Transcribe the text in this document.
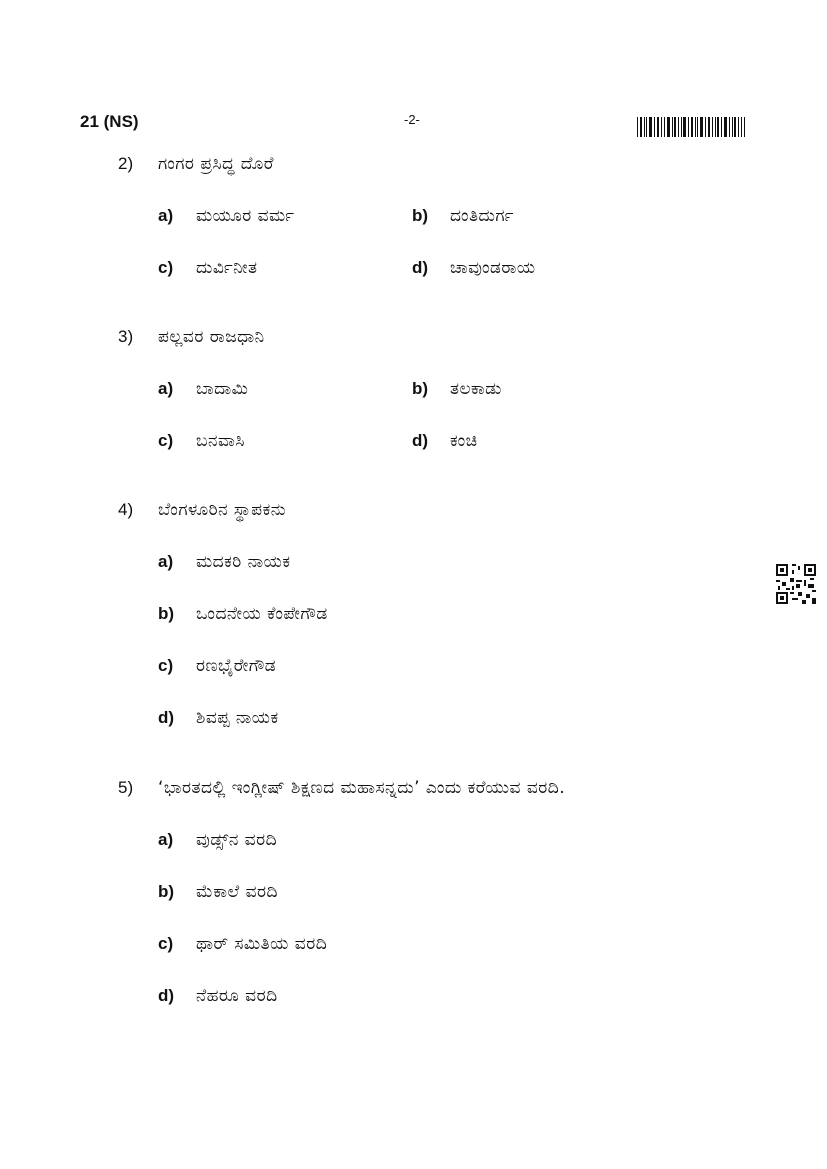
21 (NS)	-2-
2) ಗಂಗರ ಪ್ರಸಿದ್ಧ ದೊರೆ
a) ಮಯೂರ ವರ್ಮ	b) ದಂತಿದುರ್ಗ
c) ದುರ್ವಿನೀತ	d) ಚಾವುಂಡರಾಯ
3) ಪಲ್ಲವರ ರಾಜಧಾನಿ
a) ಬಾದಾಮಿ	b) ತಲಕಾಡು
c) ಬನವಾಸಿ	d) ಕಂಚಿ
4) ಬೆಂಗಳೂರಿನ ಸ್ಥಾಪಕನು
a) ಮದಕರಿ ನಾಯಕ
b) ಒಂದನೇಯ ಕೆಂಪೇಗೌಡ
c) ರಣಭೈರೇಗೌಡ
d) ಶಿವಪ್ಪ ನಾಯಕ
5) ‘ಭಾರತದಲ್ಲಿ ಇಂಗ್ಲೀಷ್ ಶಿಕ್ಷಣದ ಮಹಾಸನ್ನದು’ ಎಂದು ಕರೆಯುವ ವರದಿ.
a) ವುಡ್ಸ್‌ನ ವರದಿ
b) ಮೆಕಾಲೆ ವರದಿ
c) ಥಾರ್ ಸಮಿತಿಯ ವರದಿ
d) ನೆಹರೂ ವರದಿ
